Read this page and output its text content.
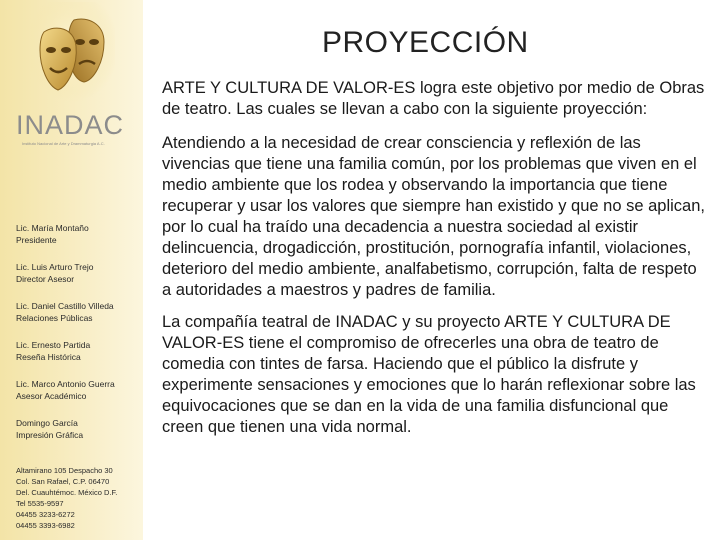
INADAC
Instituto Nacional de Arte y Drammaturgia A.C.
Lic. María Montaño
Presidente
Lic. Luis Arturo Trejo
Director Asesor
Lic. Daniel Castillo Villeda
Relaciones Públicas
Lic. Ernesto Partida
Reseña Histórica
Lic. Marco Antonio Guerra
Asesor Académico
Domingo García
Impresión Gráfica
Altamirano 105 Despacho 30
Col. San Rafael, C.P. 06470
Del. Cuauhtémoc. México D.F.
Tel 5535-9597
04455 3233-6272
04455 3393-6982
PROYECCIÓN

ARTE Y CULTURA DE VALOR-ES logra este objetivo por medio de Obras de teatro. Las cuales se llevan a cabo con la siguiente proyección:

Atendiendo a la necesidad de crear consciencia y reflexión de las vivencias que tiene una familia común, por los problemas que viven en el medio ambiente que los rodea y observando la importancia que tiene recuperar y usar los valores que siempre han existido y que no se aplican, por lo cual ha traído una decadencia a nuestra sociedad al existir delincuencia, drogadicción, prostitución, pornografía infantil, violaciones, deterioro del medio ambiente, analfabetismo, corrupción, falta de respeto a autoridades a maestros y padres de familia.

La compañía teatral de INADAC y su proyecto ARTE Y CULTURA DE VALOR-ES tiene el compromiso de ofrecerles una obra de teatro de comedia con tintes de farsa. Haciendo que el público la disfrute y experimente sensaciones y emociones que lo harán reflexionar sobre las equivocaciones que se dan en la vida de una familia disfuncional que creen que tienen una vida normal.
